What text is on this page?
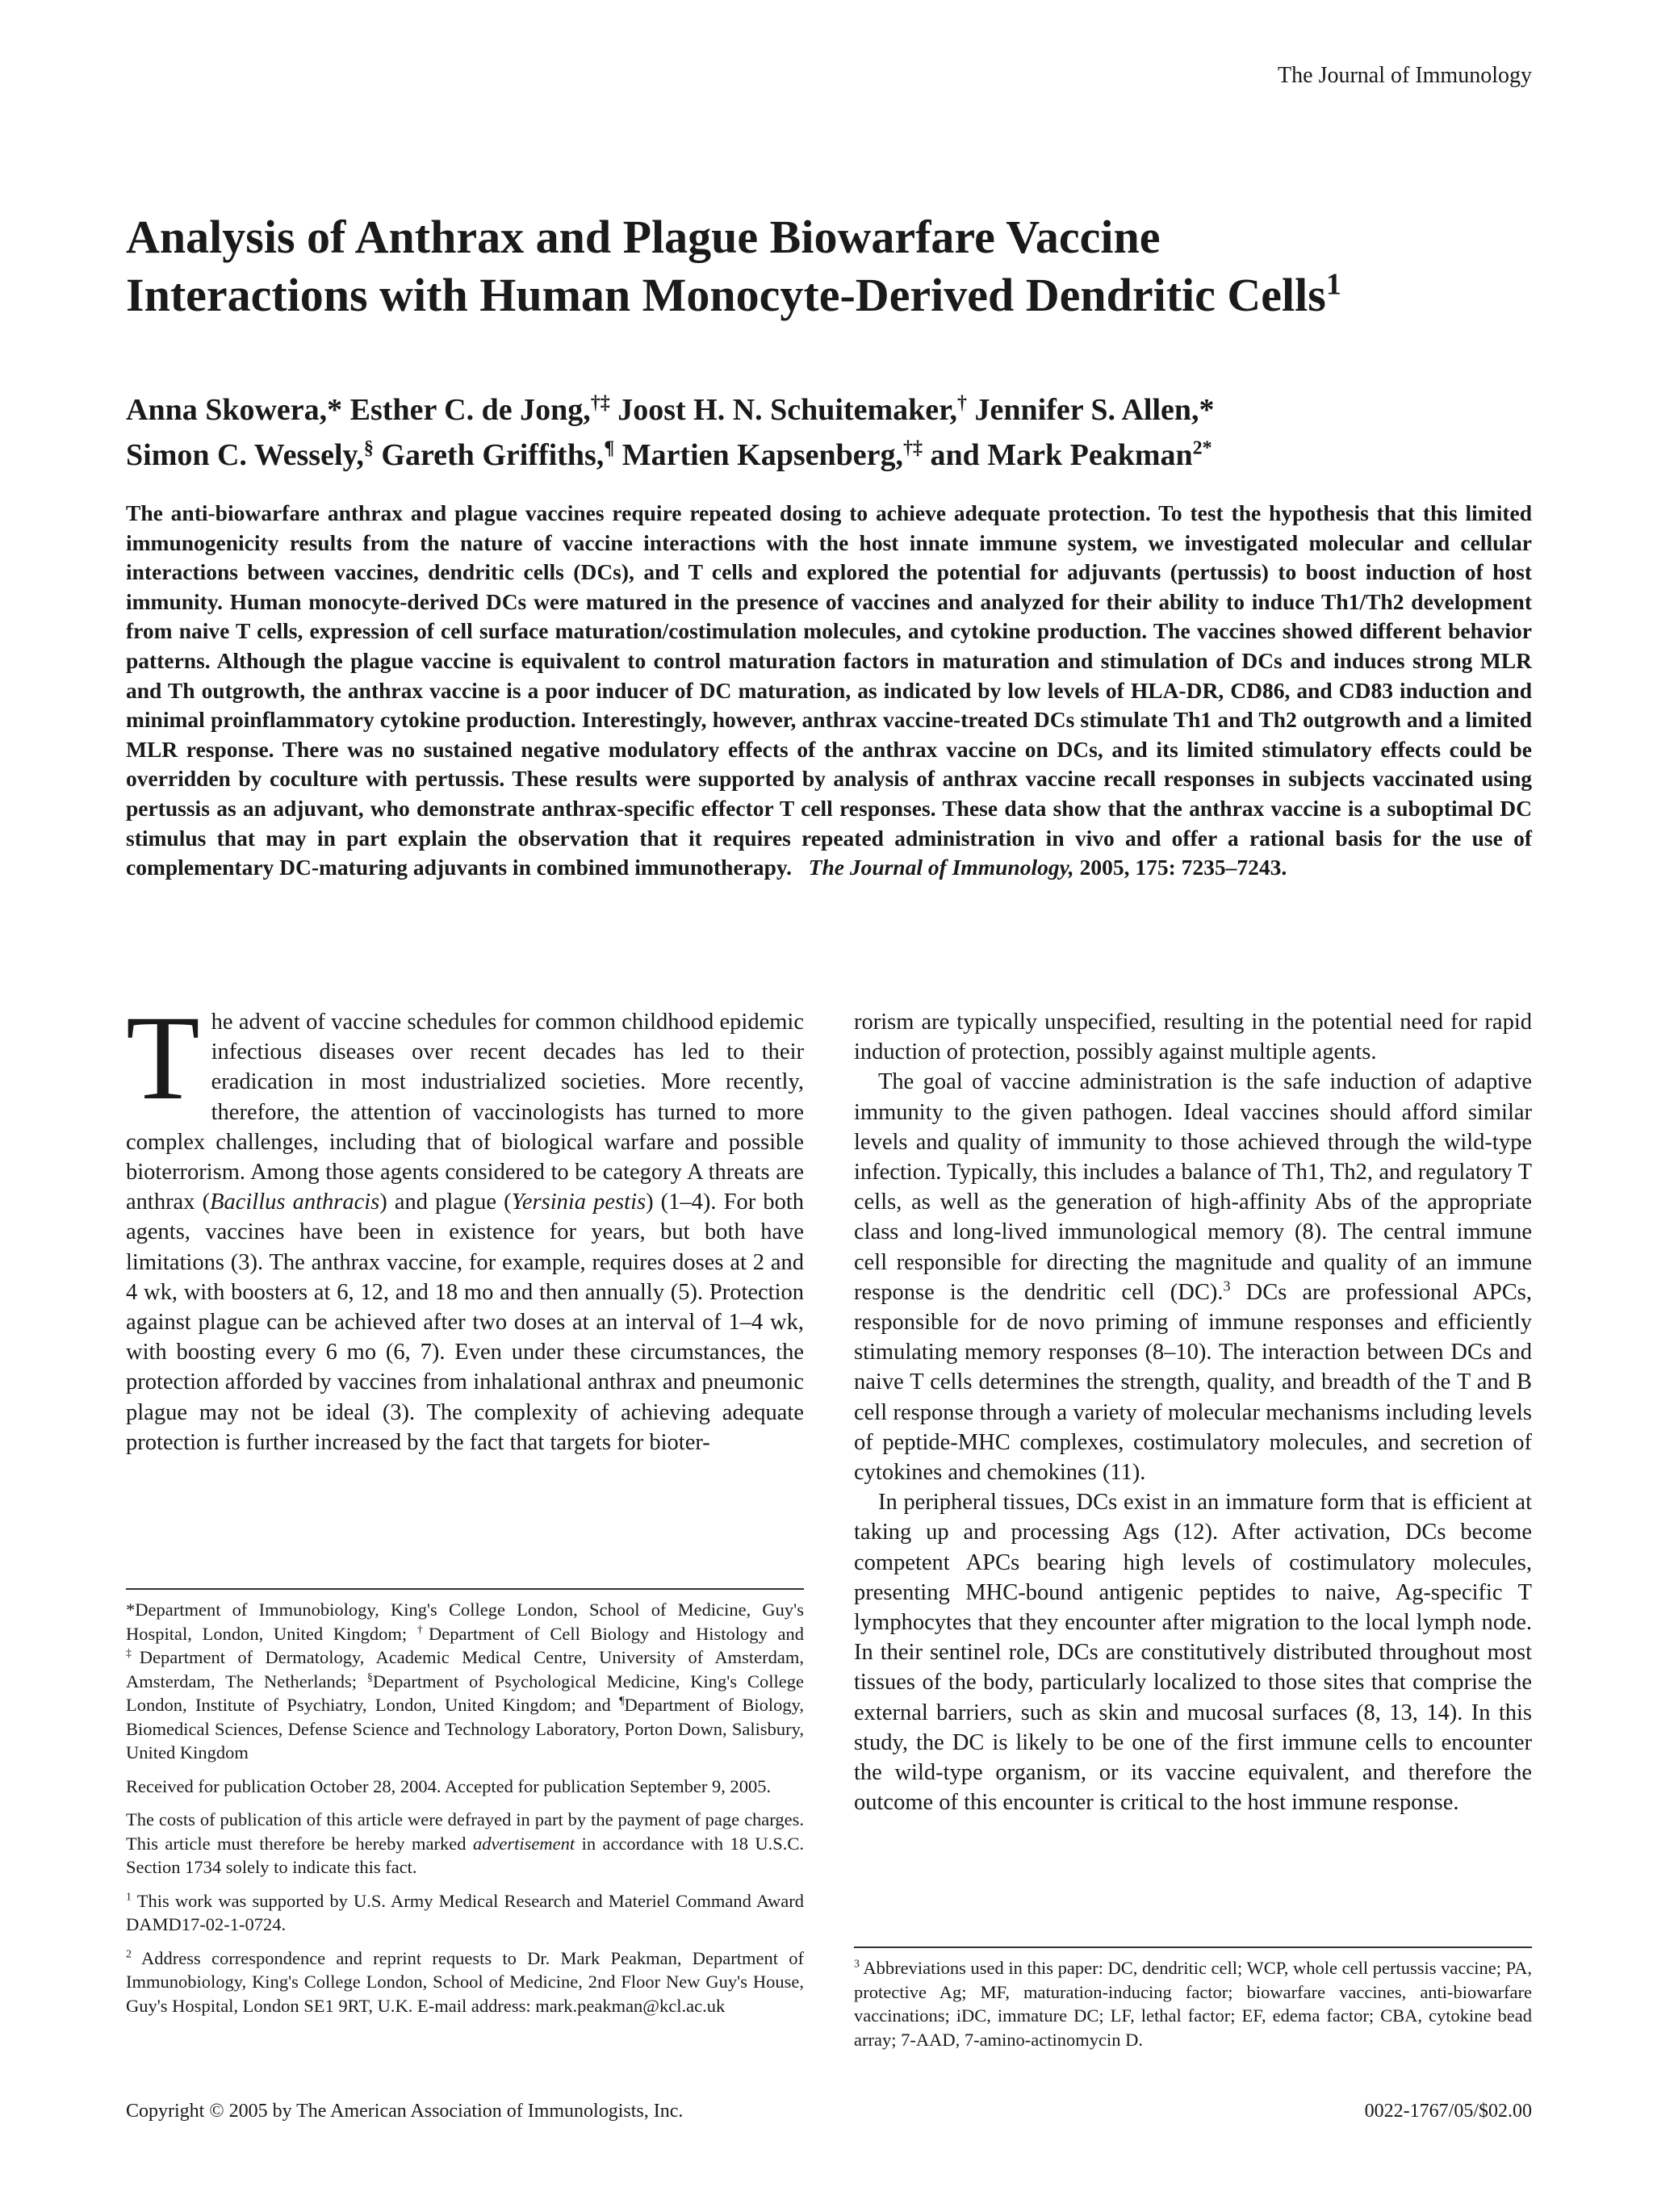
The Journal of Immunology
Analysis of Anthrax and Plague Biowarfare Vaccine
Interactions with Human Monocyte-Derived Dendritic Cells$^1$
Anna Skowera,* Esther C. de Jong,†‡ Joost H. N. Schuitemaker,† Jennifer S. Allen,*
Simon C. Wessely,§ Gareth Griffiths,¶ Martien Kapsenberg,†‡ and Mark Peakman$^{2*}$

The anti-biowarfare anthrax and plague vaccines require repeated dosing to achieve adequate protection. To test the hypothesis that this limited immunogenicity results from the nature of vaccine interactions with the host innate immune system, we investigated molecular and cellular interactions between vaccines, dendritic cells (DCs), and T cells and explored the potential for adjuvants (pertussis) to boost induction of host immunity. Human monocyte-derived DCs were matured in the presence of vaccines and analyzed for their ability to induce Th1/Th2 development from naive T cells, expression of cell surface maturation/costimulation molecules, and cytokine production. The vaccines showed different behavior patterns. Although the plague vaccine is equivalent to control maturation factors in maturation and stimulation of DCs and induces strong MLR and Th outgrowth, the anthrax vaccine is a poor inducer of DC maturation, as indicated by low levels of HLA-DR, CD86, and CD83 induction and minimal proinflammatory cytokine production. Interestingly, however, anthrax vaccine-treated DCs stimulate Th1 and Th2 outgrowth and a limited MLR response. There was no sustained negative modulatory effects of the anthrax vaccine on DCs, and its limited stimulatory effects could be overridden by coculture with pertussis. These results were supported by analysis of anthrax vaccine recall responses in subjects vaccinated using pertussis as an adjuvant, who demonstrate anthrax-specific effector T cell responses. These data show that the anthrax vaccine is a suboptimal DC stimulus that may in part explain the observation that it requires repeated administration in vivo and offer a rational basis for the use of complementary DC-maturing adjuvants in combined immunotherapy. The Journal of Immunology, 2005, 175: 7235–7243.

The advent of vaccine schedules for common childhood epidemic infectious diseases over recent decades has led to their eradication in most industrialized societies. More recently, therefore, the attention of vaccinologists has turned to more complex challenges, including that of biological warfare and possible bioterrorism. Among those agents considered to be category A threats are anthrax (Bacillus anthracis) and plague (Yersinia pestis) (1–4). For both agents, vaccines have been in existence for years, but both have limitations (3). The anthrax vaccine, for example, requires doses at 2 and 4 wk, with boosters at 6, 12, and 18 mo and then annually (5). Protection against plague can be achieved after two doses at an interval of 1–4 wk, with boosting every 6 mo (6, 7). Even under these circumstances, the protection afforded by vaccines from inhalational anthrax and pneumonic plague may not be ideal (3). The complexity of achieving adequate protection is further increased by the fact that targets for bioter-

rorism are typically unspecified, resulting in the potential need for rapid induction of protection, possibly against multiple agents.

The goal of vaccine administration is the safe induction of adaptive immunity to the given pathogen. Ideal vaccines should afford similar levels and quality of immunity to those achieved through the wild-type infection. Typically, this includes a balance of Th1, Th2, and regulatory T cells, as well as the generation of high-affinity Abs of the appropriate class and long-lived immunological memory (8). The central immune cell responsible for directing the magnitude and quality of an immune response is the dendritic cell (DC).$^3$ DCs are professional APCs, responsible for de novo priming of immune responses and efficiently stimulating memory responses (8–10). The interaction between DCs and naive T cells determines the strength, quality, and breadth of the T and B cell response through a variety of molecular mechanisms including levels of peptide-MHC complexes, costimulatory molecules, and secretion of cytokines and chemokines (11).

In peripheral tissues, DCs exist in an immature form that is efficient at taking up and processing Ags (12). After activation, DCs become competent APCs bearing high levels of costimulatory molecules, presenting MHC-bound antigenic peptides to naive, Ag-specific T lymphocytes that they encounter after migration to the local lymph node. In their sentinel role, DCs are constitutively distributed throughout most tissues of the body, particularly localized to those sites that comprise the external barriers, such as skin and mucosal surfaces (8, 13, 14). In this study, the DC is likely to be one of the first immune cells to encounter the wild-type organism, or its vaccine equivalent, and therefore the outcome of this encounter is critical to the host immune response.

*Department of Immunobiology, King's College London, School of Medicine, Guy's Hospital, London, United Kingdom; †Department of Cell Biology and Histology and ‡Department of Dermatology, Academic Medical Centre, University of Amsterdam, Amsterdam, The Netherlands; §Department of Psychological Medicine, King's College London, Institute of Psychiatry, London, United Kingdom; and ¶Department of Biology, Biomedical Sciences, Defense Science and Technology Laboratory, Porton Down, Salisbury, United Kingdom

Received for publication October 28, 2004. Accepted for publication September 9, 2005.

The costs of publication of this article were defrayed in part by the payment of page charges. This article must therefore be hereby marked advertisement in accordance with 18 U.S.C. Section 1734 solely to indicate this fact.

$^1$ This work was supported by U.S. Army Medical Research and Materiel Command Award DAMD17-02-1-0724.

$^2$ Address correspondence and reprint requests to Dr. Mark Peakman, Department of Immunobiology, King's College London, School of Medicine, 2nd Floor New Guy's House, Guy's Hospital, London SE1 9RT, U.K. E-mail address: mark.peakman@kcl.ac.uk

$^3$ Abbreviations used in this paper: DC, dendritic cell; WCP, whole cell pertussis vaccine; PA, protective Ag; MF, maturation-inducing factor; biowarfare vaccines, anti-biowarfare vaccinations; iDC, immature DC; LF, lethal factor; EF, edema factor; CBA, cytokine bead array; 7-AAD, 7-amino-actinomycin D.

Copyright © 2005 by The American Association of Immunologists, Inc.	0022-1767/05/$02.00
